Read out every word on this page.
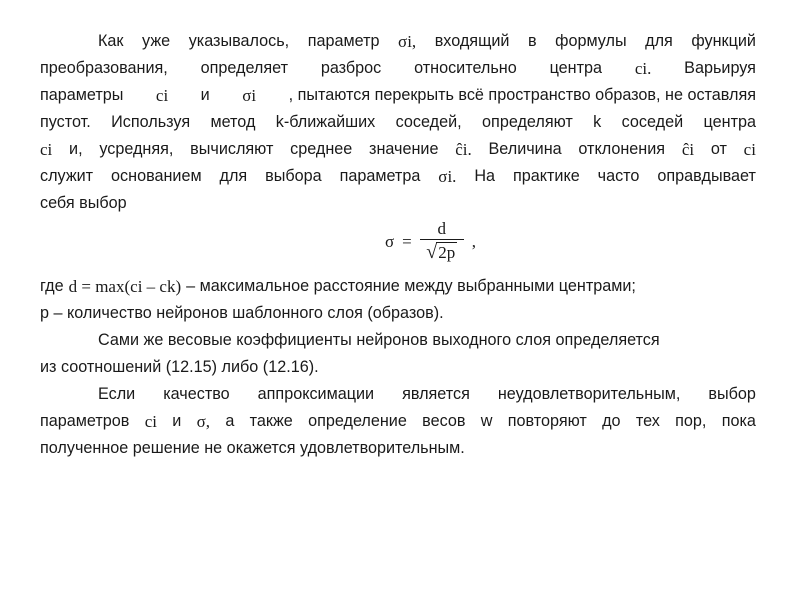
Как уже указывалось, параметр σi, входящий в формулы для функций
преобразования, определяет разброс относительно центра ci. Варьируя
параметры ci и σi , пытаются перекрыть всё пространство образов, не оставляя
пустот. Используя метод k-ближайших соседей, определяют k соседей центра
ci и, усредняя, вычисляют среднее значение ĉi. Величина отклонения ĉi от ci
служит основанием для выбора параметра σi. На практике часто оправдывает
себя выбор
$\sigma = \frac{d}{√ 2p}$ ,
где d = max(ci – ck) – максимальное расстояние между выбранными центрами;
p – количество нейронов шаблонного слоя (образов).
Сами же весовые коэффициенты нейронов выходного слоя определяется
из соотношений (12.15) либо (12.16).
Если качество аппроксимации является неудовлетворительным, выбор
параметров ci и σ, а также определение весов w повторяют до тех пор, пока
полученное решение не окажется удовлетворительным.
